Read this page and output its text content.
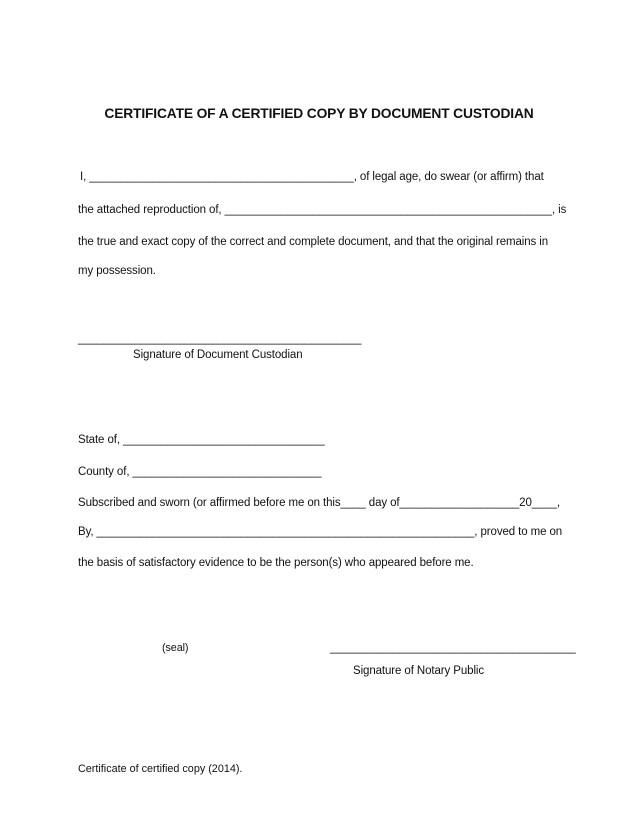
CERTIFICATE OF A CERTIFIED COPY BY DOCUMENT CUSTODIAN
I, __________________________________________, of legal age, do swear (or affirm) that
the attached reproduction of, ____________________________________________________, is
the true and exact copy of the correct and complete document, and that the original remains in
my possession.
_____________________________________________
Signature of Document Custodian
State of, ________________________________
County of, ______________________________
Subscribed and sworn (or affirmed before me on this____ day of___________________20____,
By, ____________________________________________________________, proved to me on
the basis of satisfactory evidence to be the person(s) who appeared before me.
(seal)	_______________________________________
Signature of Notary Public
Certificate of certified copy (2014).
